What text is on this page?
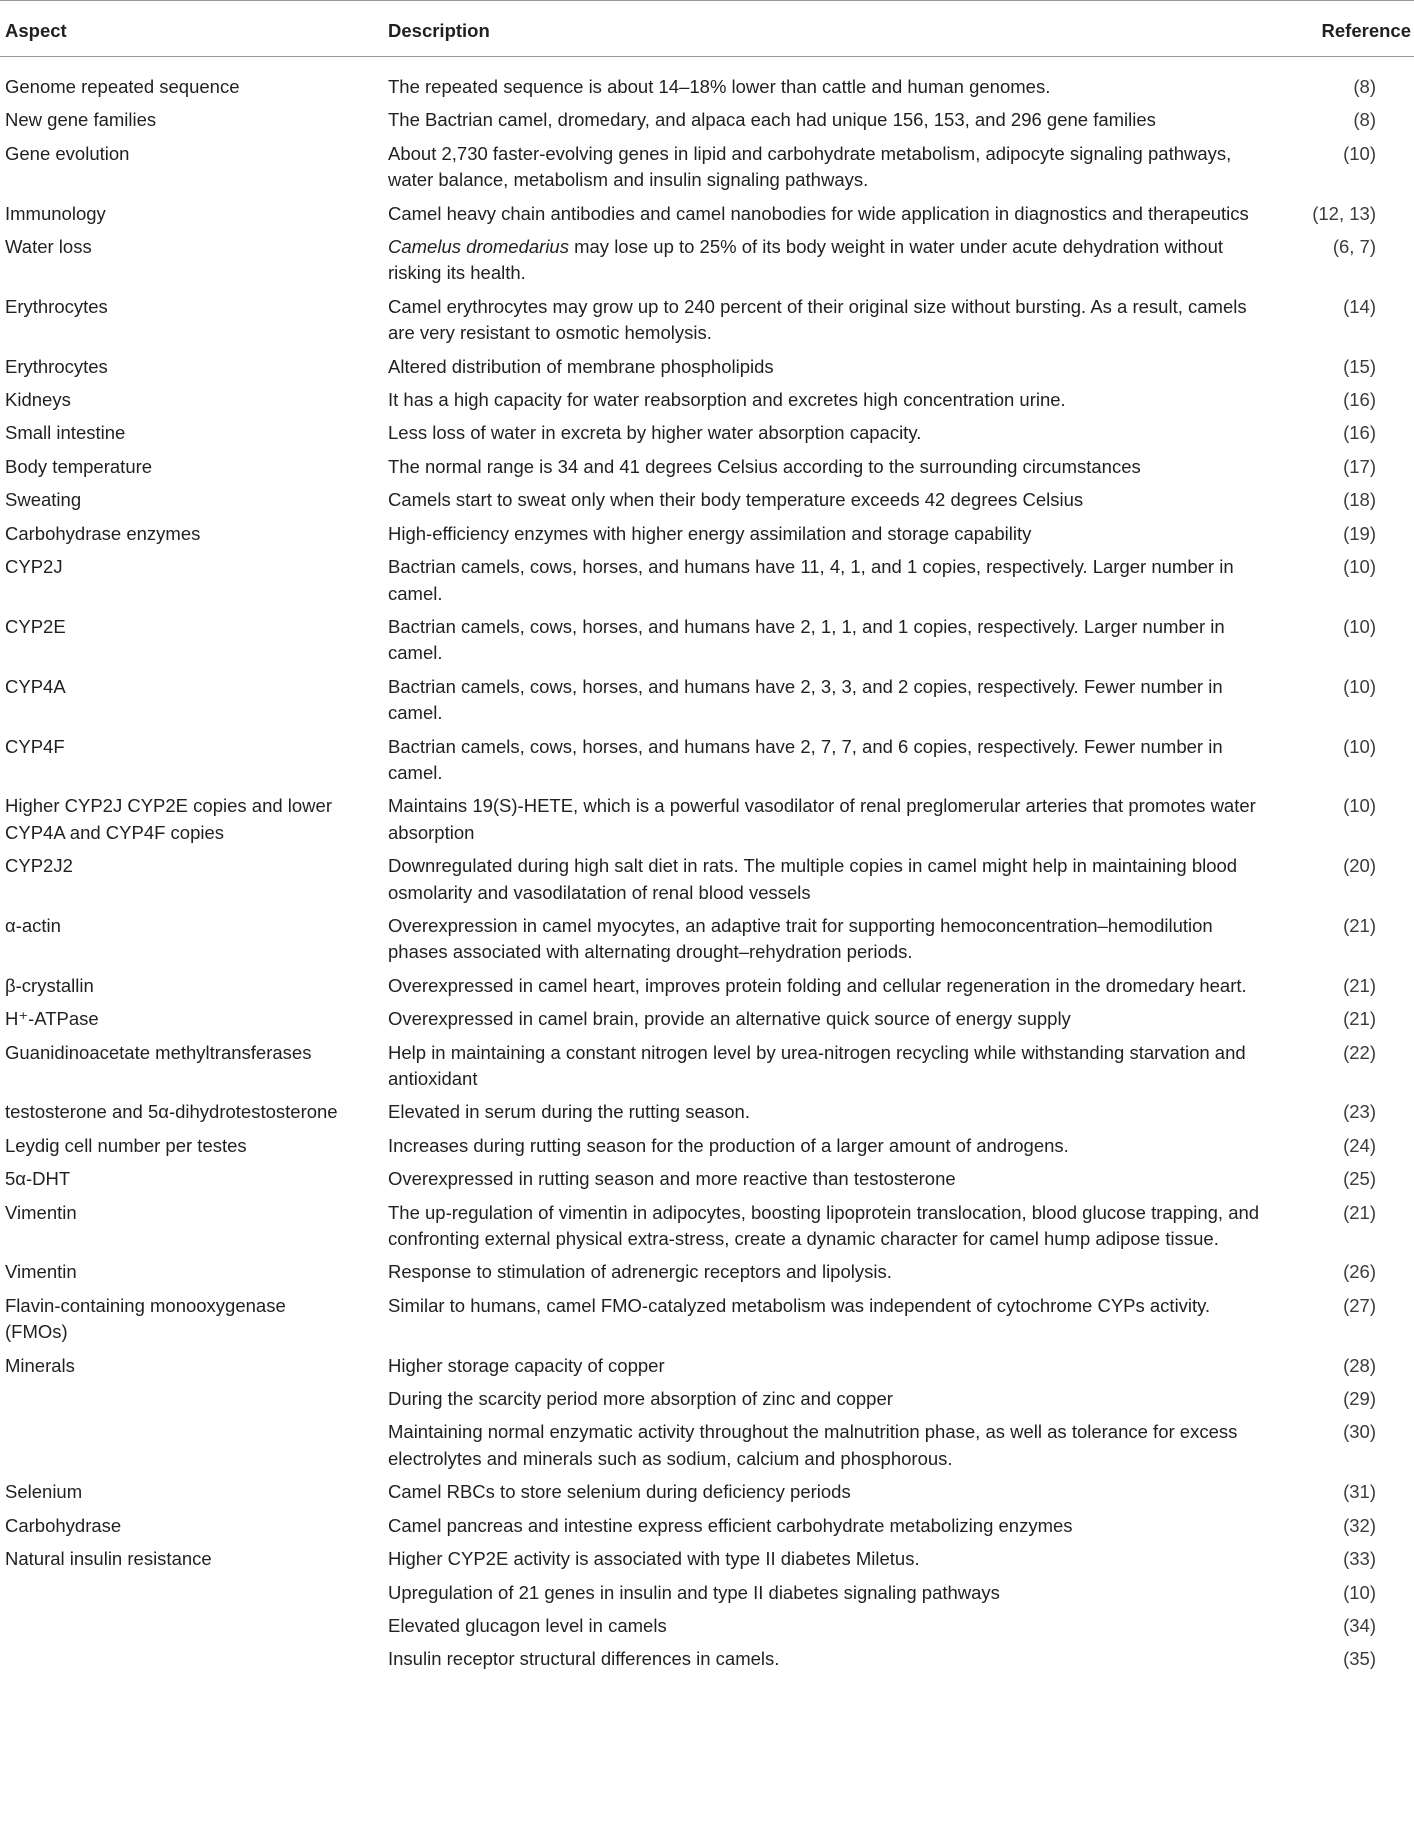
Aspect	Description	Reference
Genome repeated sequence	The repeated sequence is about 14–18% lower than cattle and human genomes.	(8)
New gene families	The Bactrian camel, dromedary, and alpaca each had unique 156, 153, and 296 gene families	(8)
Gene evolution	About 2,730 faster-evolving genes in lipid and carbohydrate metabolism, adipocyte signaling pathways, water balance, metabolism and insulin signaling pathways.	(10)
Immunology	Camel heavy chain antibodies and camel nanobodies for wide application in diagnostics and therapeutics	(12, 13)
Water loss	Camelus dromedarius may lose up to 25% of its body weight in water under acute dehydration without risking its health.	(6, 7)
Erythrocytes	Camel erythrocytes may grow up to 240 percent of their original size without bursting. As a result, camels are very resistant to osmotic hemolysis.	(14)
Erythrocytes	Altered distribution of membrane phospholipids	(15)
Kidneys	It has a high capacity for water reabsorption and excretes high concentration urine.	(16)
Small intestine	Less loss of water in excreta by higher water absorption capacity.	(16)
Body temperature	The normal range is 34 and 41 degrees Celsius according to the surrounding circumstances	(17)
Sweating	Camels start to sweat only when their body temperature exceeds 42 degrees Celsius	(18)
Carbohydrase enzymes	High-efficiency enzymes with higher energy assimilation and storage capability	(19)
CYP2J	Bactrian camels, cows, horses, and humans have 11, 4, 1, and 1 copies, respectively. Larger number in camel.	(10)
CYP2E	Bactrian camels, cows, horses, and humans have 2, 1, 1, and 1 copies, respectively. Larger number in camel.	(10)
CYP4A	Bactrian camels, cows, horses, and humans have 2, 3, 3, and 2 copies, respectively. Fewer number in camel.	(10)
CYP4F	Bactrian camels, cows, horses, and humans have 2, 7, 7, and 6 copies, respectively. Fewer number in camel.	(10)
Higher CYP2J CYP2E copies and lower CYP4A and CYP4F copies	Maintains 19(S)-HETE, which is a powerful vasodilator of renal preglomerular arteries that promotes water absorption	(10)
CYP2J2	Downregulated during high salt diet in rats. The multiple copies in camel might help in maintaining blood osmolarity and vasodilatation of renal blood vessels	(20)
α-actin	Overexpression in camel myocytes, an adaptive trait for supporting hemoconcentration–hemodilution phases associated with alternating drought–rehydration periods.	(21)
β-crystallin	Overexpressed in camel heart, improves protein folding and cellular regeneration in the dromedary heart.	(21)
H⁺-ATPase	Overexpressed in camel brain, provide an alternative quick source of energy supply	(21)
Guanidinoacetate methyltransferases	Help in maintaining a constant nitrogen level by urea-nitrogen recycling while withstanding starvation and antioxidant	(22)
testosterone and 5α-dihydrotestosterone	Elevated in serum during the rutting season.	(23)
Leydig cell number per testes	Increases during rutting season for the production of a larger amount of androgens.	(24)
5α-DHT	Overexpressed in rutting season and more reactive than testosterone	(25)
Vimentin	The up-regulation of vimentin in adipocytes, boosting lipoprotein translocation, blood glucose trapping, and confronting external physical extra-stress, create a dynamic character for camel hump adipose tissue.	(21)
Vimentin	Response to stimulation of adrenergic receptors and lipolysis.	(26)
Flavin-containing monooxygenase (FMOs)	Similar to humans, camel FMO-catalyzed metabolism was independent of cytochrome CYPs activity.	(27)
Minerals	Higher storage capacity of copper	(28)
	During the scarcity period more absorption of zinc and copper	(29)
	Maintaining normal enzymatic activity throughout the malnutrition phase, as well as tolerance for excess electrolytes and minerals such as sodium, calcium and phosphorous.	(30)
Selenium	Camel RBCs to store selenium during deficiency periods	(31)
Carbohydrase	Camel pancreas and intestine express efficient carbohydrate metabolizing enzymes	(32)
Natural insulin resistance	Higher CYP2E activity is associated with type II diabetes Miletus.	(33)
	Upregulation of 21 genes in insulin and type II diabetes signaling pathways	(10)
	Elevated glucagon level in camels	(34)
	Insulin receptor structural differences in camels.	(35)
